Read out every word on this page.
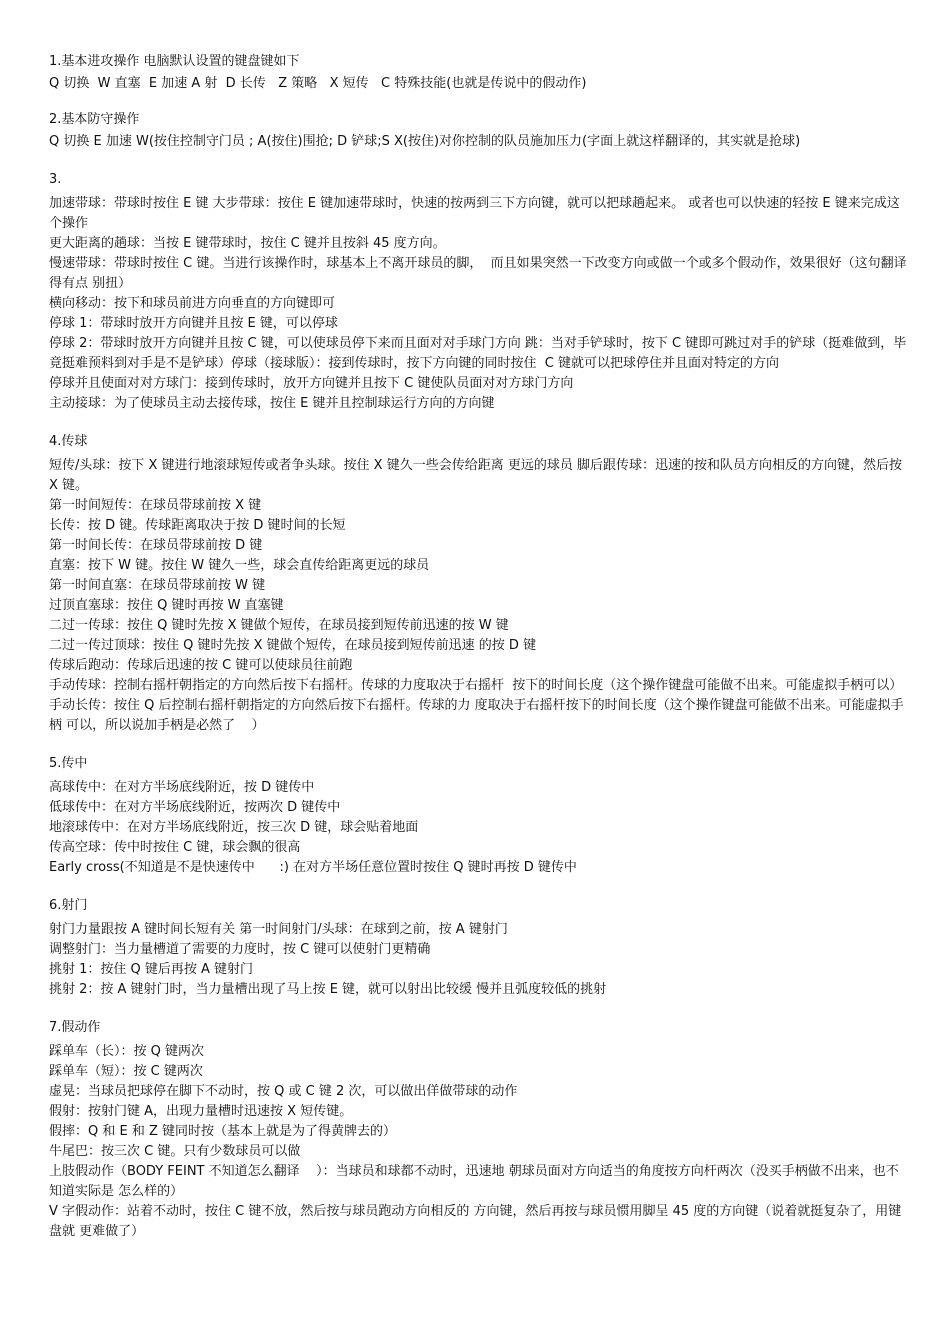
1.基本进攻操作 电脑默认设置的键盘键如下
Q 切换  W 直塞  E 加速 A 射  D 长传   Z 策略   X 短传   C 特殊技能(也就是传说中的假动作)
2.基本防守操作
Q 切换 E 加速 W(按住控制守门员 ; A(按住)围抢; D 铲球;S X(按住)对你控制的队员施加压力(字面上就这样翻译的，其实就是抢球)
3.
加速带球：带球时按住 E 键 大步带球：按住 E 键加速带球时，快速的按两到三下方向键，就可以把球趟起来。 或者也可以快速的轻按 E 键来完成这个操作
更大距离的趟球：当按 E 键带球时，按住 C 键并且按斜 45 度方向。
慢速带球：带球时按住 C 键。当进行该操作时，球基本上不离开球员的脚，  而且如果突然一下改变方向或做一个或多个假动作，效果很好（这句翻译得有点 别扭）
横向移动：按下和球员前进方向垂直的方向键即可
停球 1：带球时放开方向键并且按 E 键，可以停球
停球 2：带球时放开方向键并且按 C 键，可以使球员停下来而且面对对手球门方向 跳：当对手铲球时，按下 C 键即可跳过对手的铲球（挺难做到，毕竟挺难预料到对手是不是铲球）停球（接球版）：接到传球时，按下方向键的同时按住  C 键就可以把球停住并且面对特定的方向
停球并且使面对对方球门：接到传球时，放开方向键并且按下 C 键使队员面对对方球门方向
主动接球：为了使球员主动去接传球，按住 E 键并且控制球运行方向的方向键
4.传球
短传/头球：按下 X 键进行地滚球短传或者争头球。按住 X 键久一些会传给距离 更远的球员 脚后跟传球：迅速的按和队员方向相反的方向键，然后按 X 键。
第一时间短传：在球员带球前按 X 键
长传：按 D 键。传球距离取决于按 D 键时间的长短
第一时间长传：在球员带球前按 D 键
直塞：按下 W 键。按住 W 键久一些，球会直传给距离更远的球员
第一时间直塞：在球员带球前按 W 键
过顶直塞球：按住 Q 键时再按 W 直塞键
二过一传球：按住 Q 键时先按 X 键做个短传，在球员接到短传前迅速的按 W 键
二过一传过顶球：按住 Q 键时先按 X 键做个短传，在球员接到短传前迅速 的按 D 键
传球后跑动：传球后迅速的按 C 键可以使球员往前跑
手动传球：控制右摇杆朝指定的方向然后按下右摇杆。传球的力度取决于右摇杆  按下的时间长度（这个操作键盘可能做不出来。可能虚拟手柄可以）
手动长传：按住 Q 后控制右摇杆朝指定的方向然后按下右摇杆。传球的力 度取决于右摇杆按下的时间长度（这个操作键盘可能做不出来。可能虚拟手柄 可以，所以说加手柄是必然了    ）
5.传中
高球传中：在对方半场底线附近，按 D 键传中
低球传中：在对方半场底线附近，按两次 D 键传中
地滚球传中：在对方半场底线附近，按三次 D 键，球会贴着地面
传高空球：传中时按住 C 键，球会飘的很高
Early cross(不知道是不是快速传中      :) 在对方半场任意位置时按住 Q 键时再按 D 键传中
6.射门
射门力量跟按 A 键时间长短有关 第一时间射门/头球：在球到之前，按 A 键射门
调整射门：当力量槽道了需要的力度时，按 C 键可以使射门更精确
挑射 1：按住 Q 键后再按 A 键射门
挑射 2：按 A 键射门时，当力量槽出现了马上按 E 键，就可以射出比较缓 慢并且弧度较低的挑射
7.假动作
踩单车（长）：按 Q 键两次
踩单车（短）：按 C 键两次
虚晃：当球员把球停在脚下不动时，按 Q 或 C 键 2 次，可以做出佯做带球的动作
假射：按射门键 A，出现力量槽时迅速按 X 短传键。
假摔：Q 和 E 和 Z 键同时按（基本上就是为了得黄牌去的）
牛尾巴：按三次 C 键。只有少数球员可以做
上肢假动作（BODY FEINT 不知道怎么翻译    ）：当球员和球都不动时，迅速地 朝球员面对方向适当的角度按方向杆两次（没买手柄做不出来，也不知道实际是 怎么样的）
V 字假动作：站着不动时，按住 C 键不放，然后按与球员跑动方向相反的 方向键，然后再按与球员惯用脚呈 45 度的方向键（说着就挺复杂了，用键盘就 更难做了）
